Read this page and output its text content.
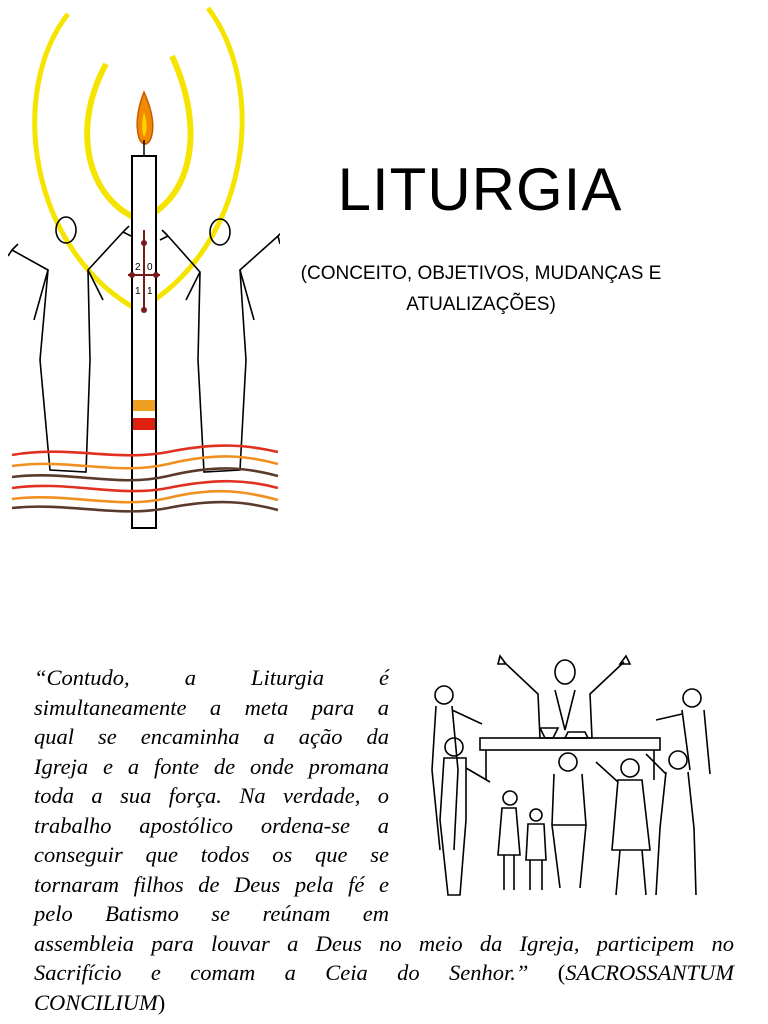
2 0
1 1
LITURGIA
(CONCEITO, OBJETIVOS, MUDANÇAS E
ATUALIZAÇÕES)
“Contudo, a Liturgia é
simultaneamente a meta para a
qual se encaminha a ação da
Igreja e a fonte de onde promana
toda a sua força. Na verdade, o
trabalho apostólico ordena-se a
conseguir que todos os que se
tornaram filhos de Deus pela fé e
pelo Batismo se reúnam em
assembleia para louvar a Deus no meio da Igreja, participem no
Sacrifício e comam a Ceia do Senhor.” (SACROSSANTUM
CONCILIUM)
